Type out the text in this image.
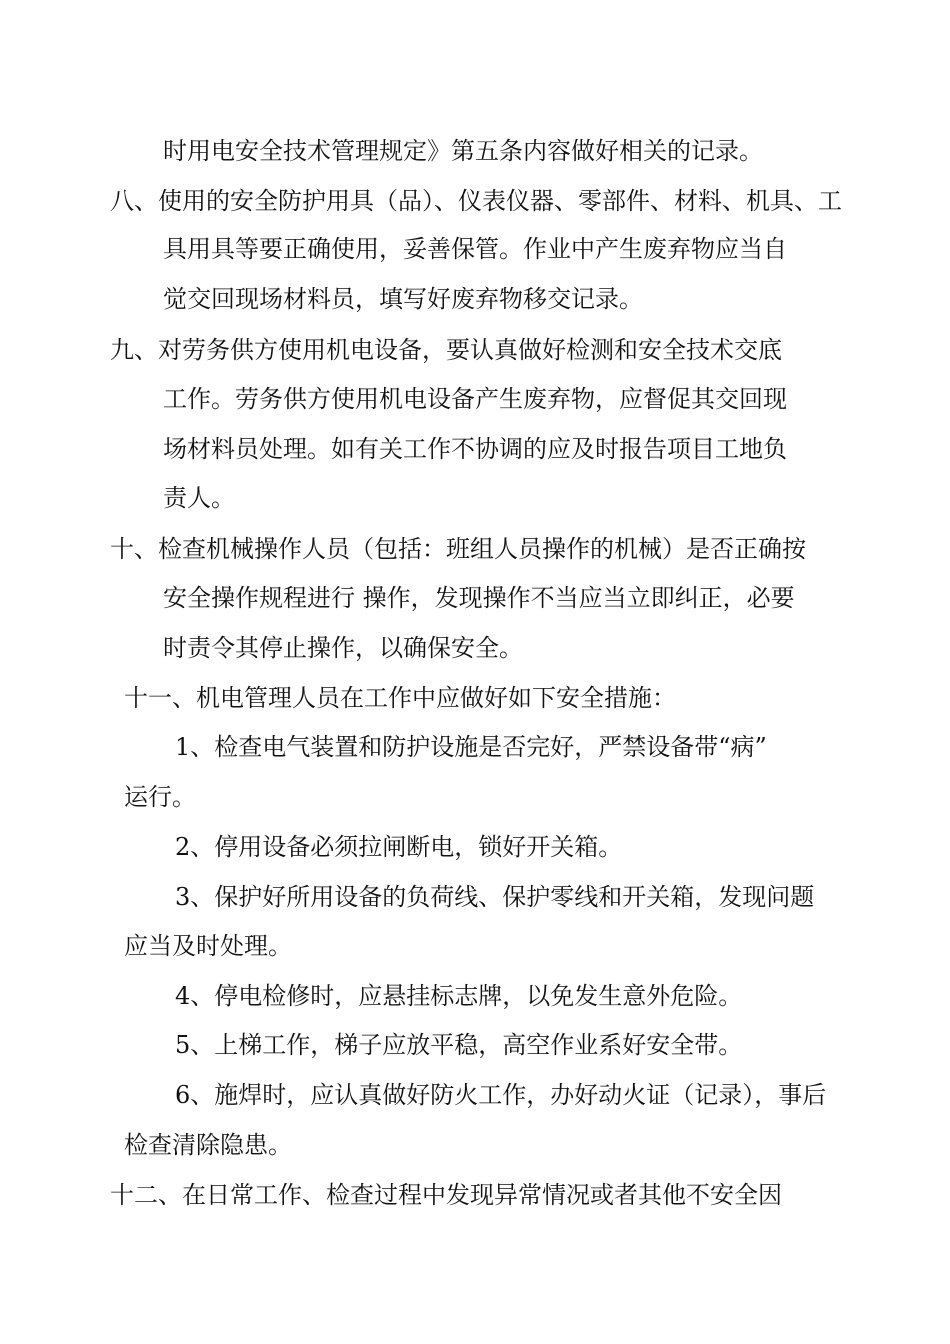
时用电安全技术管理规定》第五条内容做好相关的记录。
八、使用的安全防护用具（品）、仪表仪器、零部件、材料、机具、工
具用具等要正确使用，妥善保管。作业中产生废弃物应当自
觉交回现场材料员，填写好废弃物移交记录。
九、对劳务供方使用机电设备，要认真做好检测和安全技术交底
工作。劳务供方使用机电设备产生废弃物，应督促其交回现
场材料员处理。如有关工作不协调的应及时报告项目工地负
责人。
十、检查机械操作人员（包括：班组人员操作的机械）是否正确按
安全操作规程进行 操作，发现操作不当应当立即纠正，必要
时责令其停止操作，以确保安全。
十一、机电管理人员在工作中应做好如下安全措施：
1、检查电气装置和防护设施是否完好，严禁设备带“病”
运行。
2、停用设备必须拉闸断电，锁好开关箱。
3、保护好所用设备的负荷线、保护零线和开关箱，发现问题
应当及时处理。
4、停电检修时，应悬挂标志牌，以免发生意外危险。
5、上梯工作，梯子应放平稳，高空作业系好安全带。
6、施焊时，应认真做好防火工作，办好动火证（记录），事后
检查清除隐患。
十二、在日常工作、检查过程中发现异常情况或者其他不安全因
